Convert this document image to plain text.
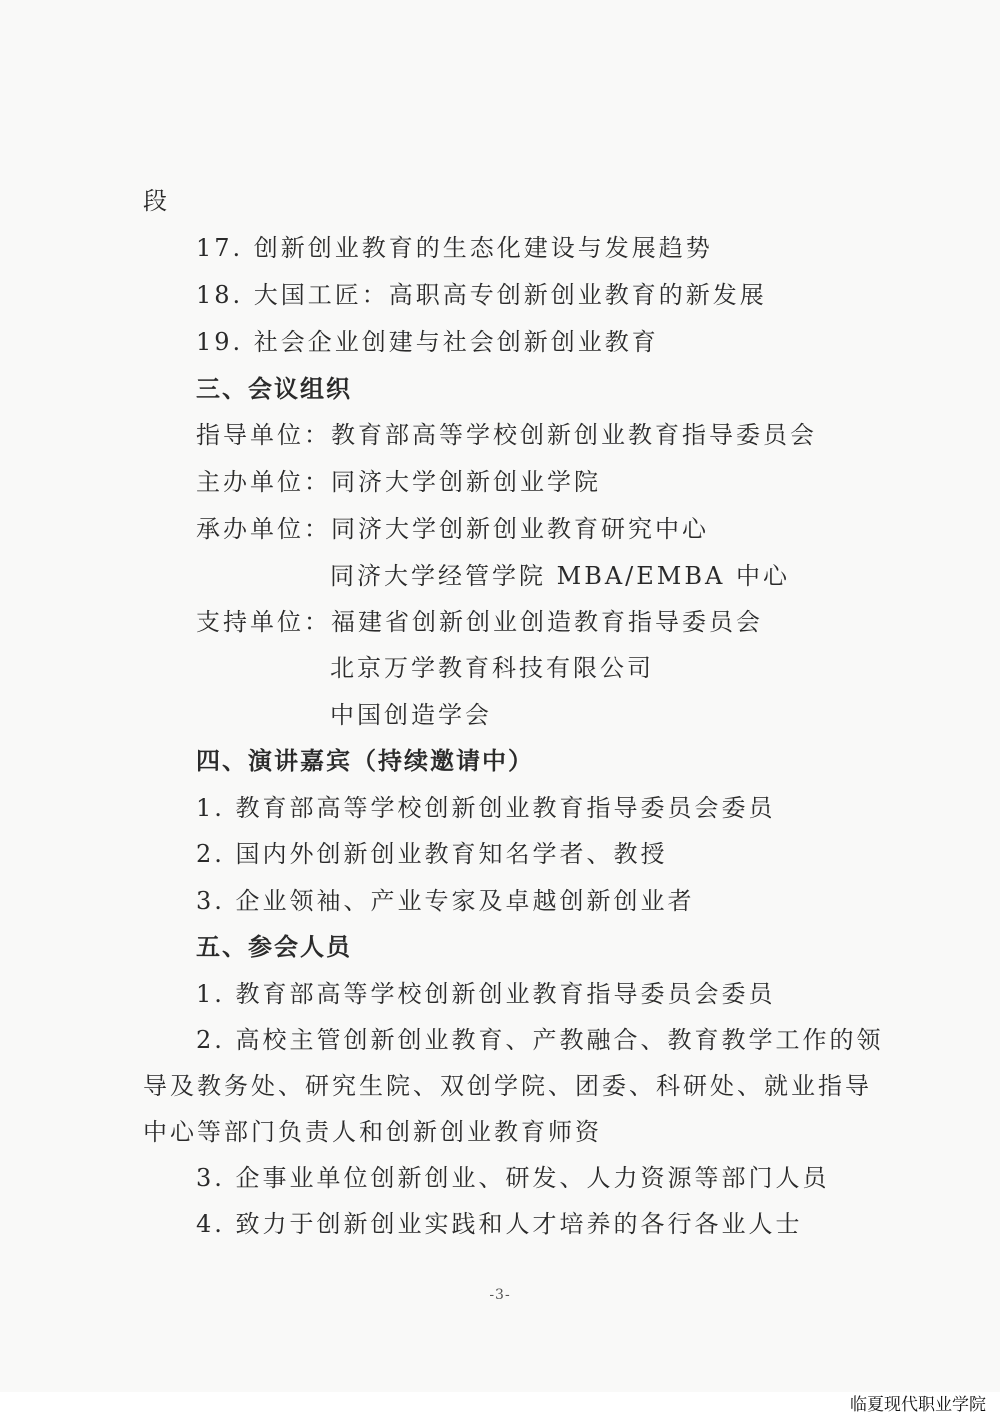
段
17. 创新创业教育的生态化建设与发展趋势
18. 大国工匠：高职高专创新创业教育的新发展
19. 社会企业创建与社会创新创业教育
三、会议组织
指导单位：教育部高等学校创新创业教育指导委员会
主办单位：同济大学创新创业学院
承办单位：同济大学创新创业教育研究中心
同济大学经管学院 MBA/EMBA 中心
支持单位：福建省创新创业创造教育指导委员会
北京万学教育科技有限公司
中国创造学会
四、演讲嘉宾（持续邀请中）
1. 教育部高等学校创新创业教育指导委员会委员
2. 国内外创新创业教育知名学者、教授
3. 企业领袖、产业专家及卓越创新创业者
五、参会人员
1. 教育部高等学校创新创业教育指导委员会委员
2. 高校主管创新创业教育、产教融合、教育教学工作的领
导及教务处、研究生院、双创学院、团委、科研处、就业指导
中心等部门负责人和创新创业教育师资
3. 企事业单位创新创业、研发、人力资源等部门人员
4. 致力于创新创业实践和人才培养的各行各业人士
-3-
临夏现代职业学院
